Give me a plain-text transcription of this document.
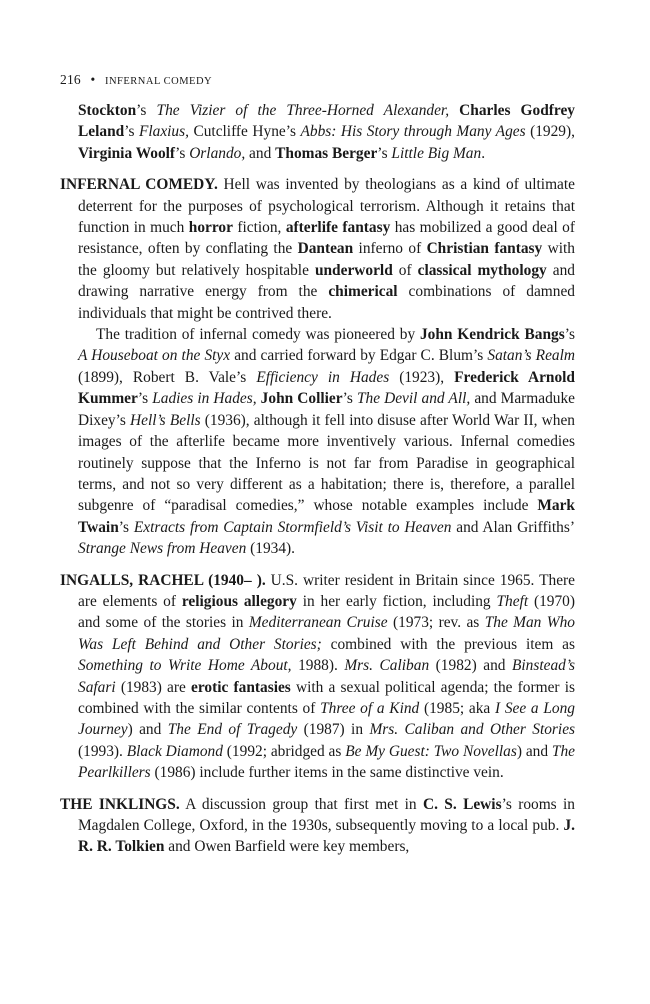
216 • INFERNAL COMEDY

Stockton’s The Vizier of the Three-Horned Alexander, Charles Godfrey Leland’s Flaxius, Cutcliffe Hyne’s Abbs: His Story through Many Ages (1929), Virginia Woolf’s Orlando, and Thomas Berger’s Little Big Man.

INFERNAL COMEDY. Hell was invented by theologians as a kind of ultimate deterrent for the purposes of psychological terrorism. Although it retains that function in much horror fiction, afterlife fantasy has mobilized a good deal of resistance, often by conflating the Dantean inferno of Christian fantasy with the gloomy but relatively hospitable underworld of classical mythology and drawing narrative energy from the chimerical combinations of damned individuals that might be contrived there.
The tradition of infernal comedy was pioneered by John Kendrick Bangs’s A Houseboat on the Styx and carried forward by Edgar C. Blum’s Satan’s Realm (1899), Robert B. Vale’s Efficiency in Hades (1923), Frederick Arnold Kummer’s Ladies in Hades, John Collier’s The Devil and All, and Marmaduke Dixey’s Hell’s Bells (1936), although it fell into disuse after World War II, when images of the afterlife became more inventively various. Infernal comedies routinely suppose that the Inferno is not far from Paradise in geographical terms, and not so very different as a habitation; there is, therefore, a parallel subgenre of “paradisal comedies,” whose notable examples include Mark Twain’s Extracts from Captain Stormfield’s Visit to Heaven and Alan Griffiths’ Strange News from Heaven (1934).

INGALLS, RACHEL (1940– ). U.S. writer resident in Britain since 1965. There are elements of religious allegory in her early fiction, including Theft (1970) and some of the stories in Mediterranean Cruise (1973; rev. as The Man Who Was Left Behind and Other Stories; combined with the previous item as Something to Write Home About, 1988). Mrs. Caliban (1982) and Binstead’s Safari (1983) are erotic fantasies with a sexual political agenda; the former is combined with the similar contents of Three of a Kind (1985; aka I See a Long Journey) and The End of Tragedy (1987) in Mrs. Caliban and Other Stories (1993). Black Diamond (1992; abridged as Be My Guest: Two Novellas) and The Pearlkillers (1986) include further items in the same distinctive vein.

THE INKLINGS. A discussion group that first met in C. S. Lewis’s rooms in Magdalen College, Oxford, in the 1930s, subsequently moving to a local pub. J. R. R. Tolkien and Owen Barfield were key members,
